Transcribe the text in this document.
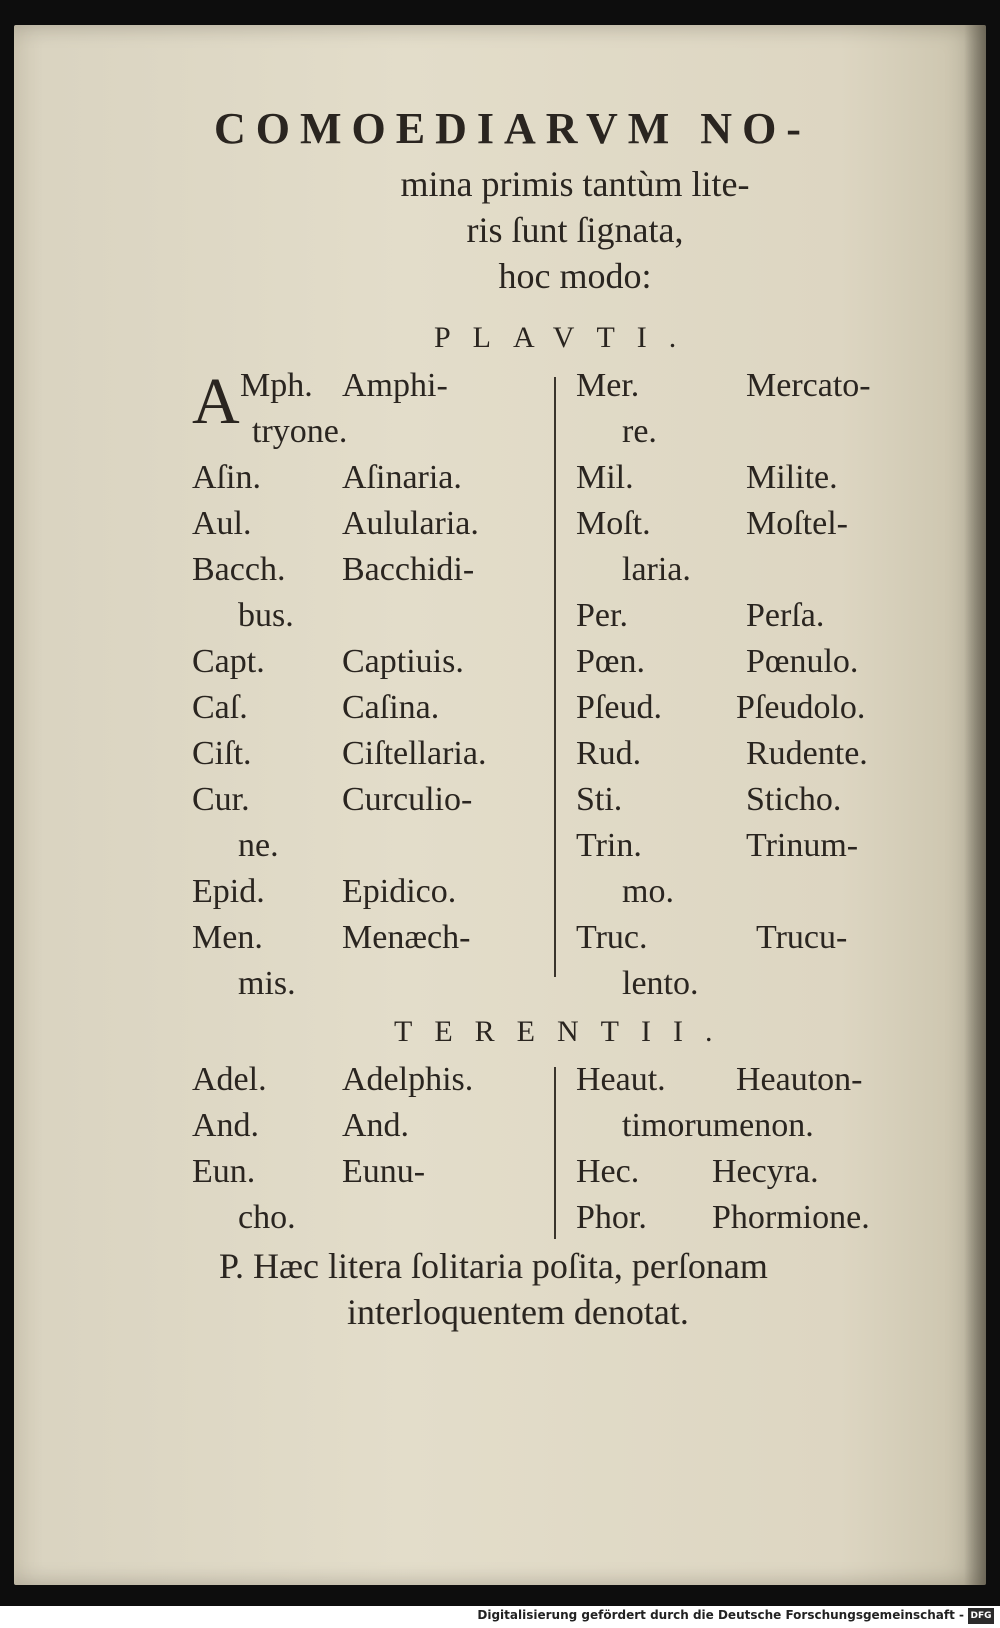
COMOEDIARVM NO-
mina primis tantùm lite-
ris ſunt ſignata,
hoc modo:
PLAVTI.
A Mph. Amphi-
tryone.
Aſin. Aſinaria.
Aul.	Aulularia.
Bacch. Bacchidi-
bus.
Capt. Captiuis.
Caſ.	Caſina.
Ciſt.	Ciſtellaria.
Cur.	Curculio-
ne.
Epid. Epidico.
Men. Menæch-
mis.
Mer.	Mercato-
re.
Mil.	Milite.
Moſt.	Moſtel-
laria.
Per.	Perſa.
Pœn.	Pœnulo.
Pſeud. Pſeudolo.
Rud.	Rudente.
Sti.	Sticho.
Trin.	Trinum-
mo.
Truc.	Trucu-
lento.
TERENTII.
Adel. Adelphis.
And. And.
Eun.	Eunu-
cho.
Heaut. Heauton-
timorumenon.
Hec. Hecyra.
Phor. Phormione.
P. Hæc litera ſolitaria poſita, perſonam
interloquentem denotat.
Digitalisierung gefördert durch die Deutsche Forschungsgemeinschaft - DFG
